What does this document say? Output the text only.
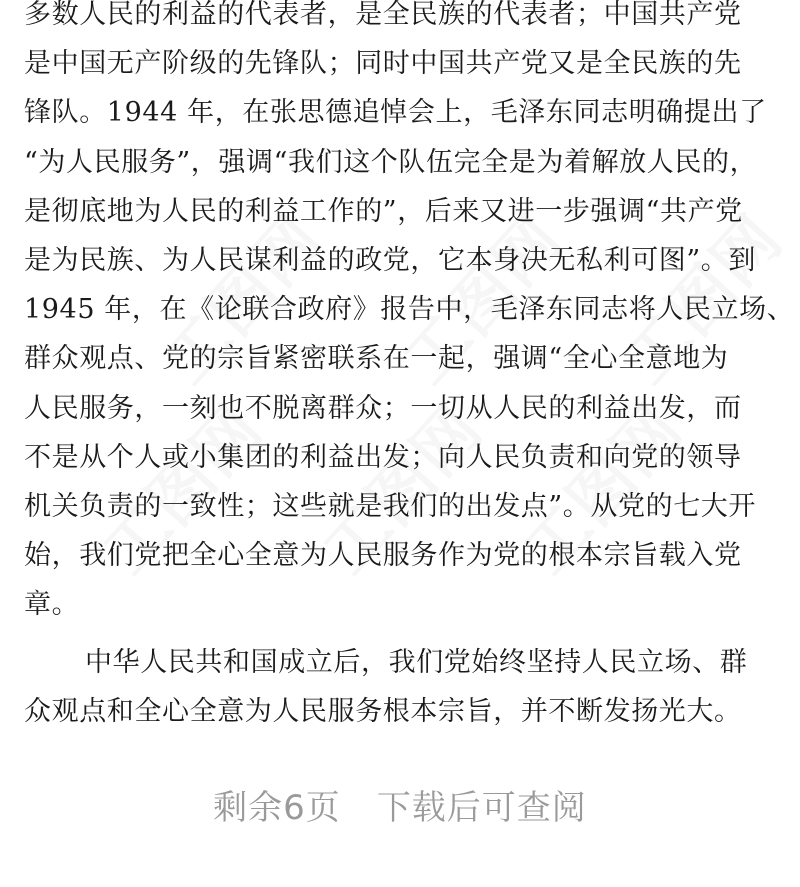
工图网 工图网 工图网
工图网 工图网 工图网
多数人民的利益的代表者，是全民族的代表者；中国共产党
是中国无产阶级的先锋队；同时中国共产党又是全民族的先
锋队。1944 年，在张思德追悼会上，毛泽东同志明确提出了
“为人民服务”，强调“我们这个队伍完全是为着解放人民的，
是彻底地为人民的利益工作的”，后来又进一步强调“共产党
是为民族、为人民谋利益的政党，它本身决无私利可图”。到
1945 年，在《论联合政府》报告中，毛泽东同志将人民立场、
群众观点、党的宗旨紧密联系在一起，强调“全心全意地为
人民服务，一刻也不脱离群众；一切从人民的利益出发，而
不是从个人或小集团的利益出发；向人民负责和向党的领导
机关负责的一致性；这些就是我们的出发点”。从党的七大开
始，我们党把全心全意为人民服务作为党的根本宗旨载入党
章。
中华人民共和国成立后，我们党始终坚持人民立场、群
众观点和全心全意为人民服务根本宗旨，并不断发扬光大。
剩余6页 下载后可查阅
